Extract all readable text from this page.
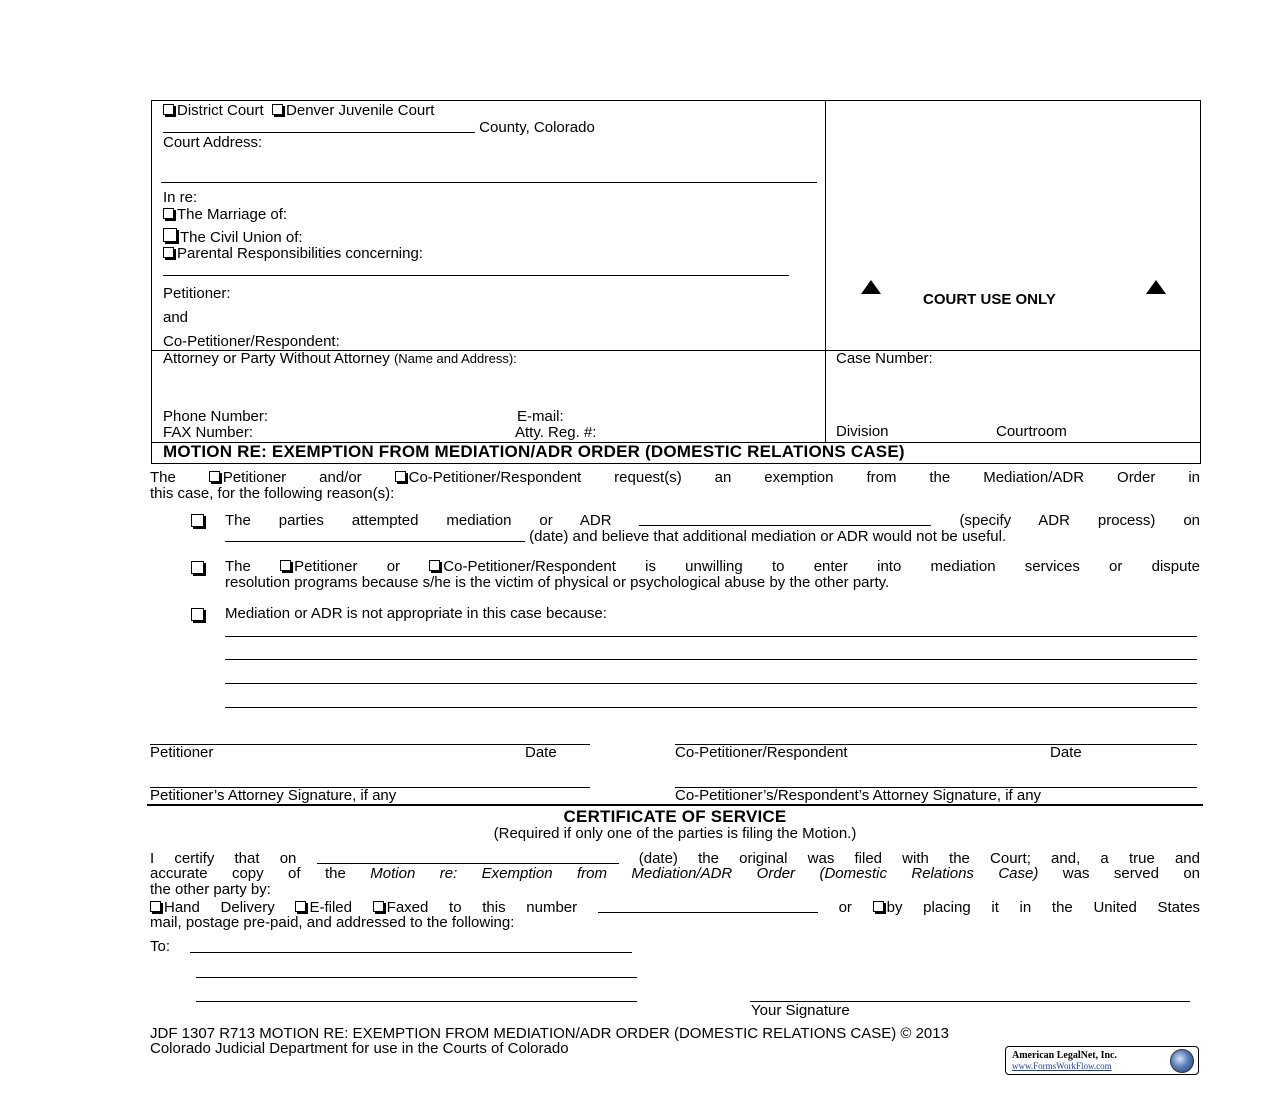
District Court Denver Juvenile Court
County, Colorado
Court Address:
In re:
The Marriage of:
The Civil Union of:
Parental Responsibilities concerning:
Petitioner:
and
Co-Petitioner/Respondent:
COURT USE ONLY
Attorney or Party Without Attorney (Name and Address):
Phone Number:	E-mail:
FAX Number:	Atty. Reg. #:
Case Number:
Division	Courtroom
MOTION RE: EXEMPTION FROM MEDIATION/ADR ORDER (DOMESTIC RELATIONS CASE)
The	Petitioner and/or	Co-Petitioner/Respondent request(s) an exemption from the Mediation/ADR Order in
this case, for the following reason(s):
The parties attempted mediation or ADR	(specify ADR process) on
(date) and believe that additional mediation or ADR would not be useful.
The	Petitioner or	Co-Petitioner/Respondent is unwilling to enter into mediation services or dispute
resolution programs because s/he is the victim of physical or psychological abuse by the other party.
Mediation or ADR is not appropriate in this case because:
Petitioner	Date	Co-Petitioner/Respondent	Date
Petitioner’s Attorney Signature, if any	Co-Petitioner’s/Respondent’s Attorney Signature, if any
CERTIFICATE OF SERVICE
(Required if only one of the parties is filing the Motion.)
I certify that on	(date) the original was filed with the Court; and, a true and
accurate copy of the Motion re: Exemption from Mediation/ADR Order (Domestic Relations Case) was served on
the other party by:
Hand Delivery E-filed Faxed to this number	or by placing it in the United States
mail, postage pre-paid, and addressed to the following:
To:
Your Signature
JDF 1307 R713 MOTION RE: EXEMPTION FROM MEDIATION/ADR ORDER (DOMESTIC RELATIONS CASE) © 2013
Colorado Judicial Department for use in the Courts of Colorado	American LegalNet, Inc.
www.FormsWorkFlow.com
